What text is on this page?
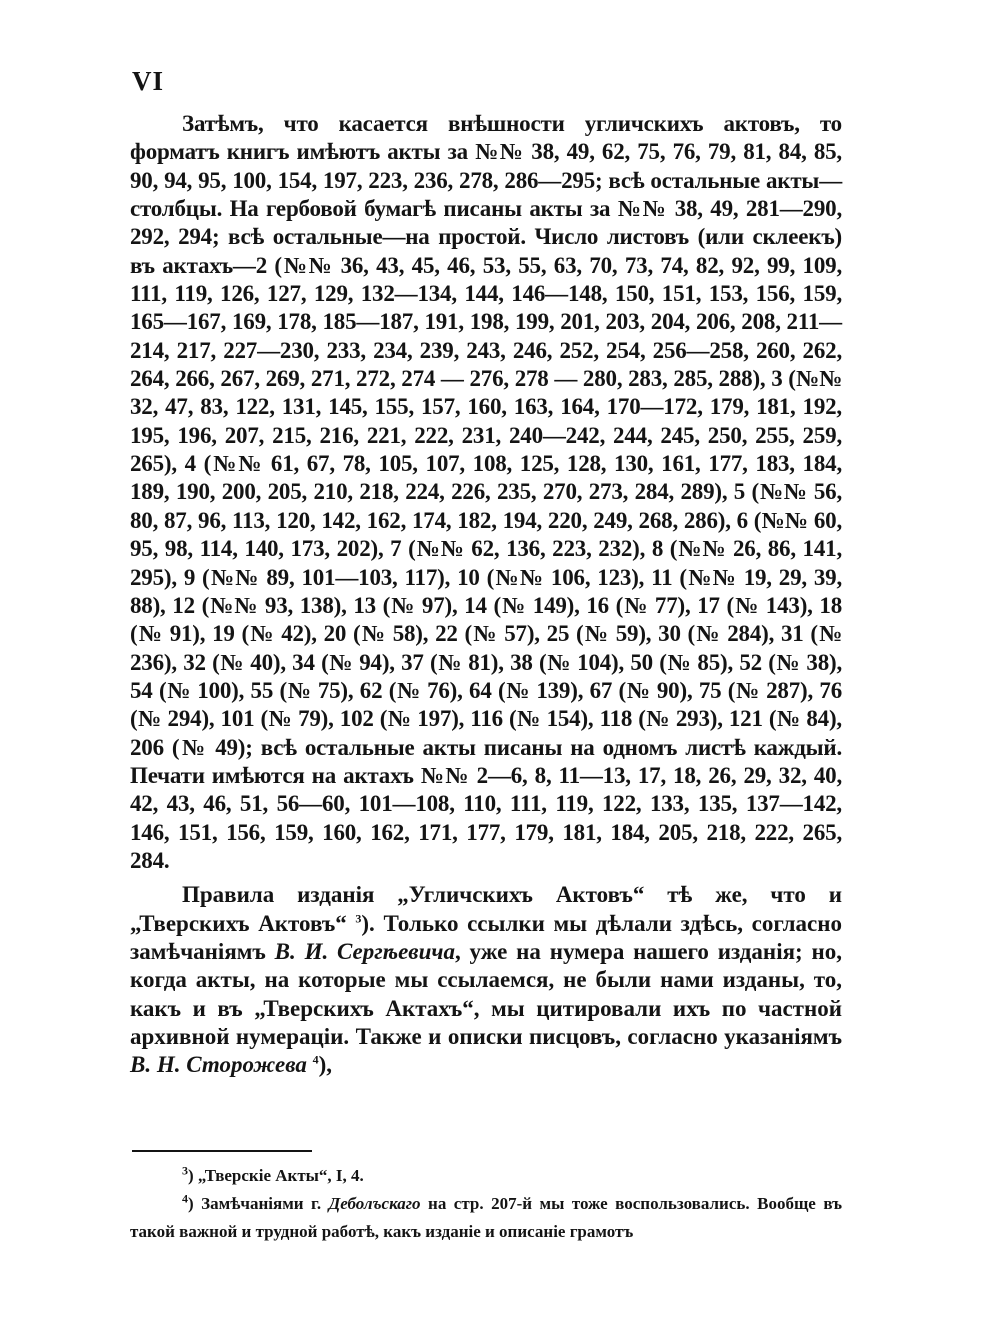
VI

Затѣмъ, что касается внѣшности угличскихъ актовъ, то форматъ книгъ имѣютъ акты за №№ 38, 49, 62, 75, 76, 79, 81, 84, 85, 90, 94, 95, 100, 154, 197, 223, 236, 278, 286—295; всѣ остальные акты—столбцы. На гербовой бумагѣ писаны акты за №№ 38, 49, 281—290, 292, 294; всѣ остальные—на простой. Число листовъ (или склеекъ) въ актахъ—2 (№№ 36, 43, 45, 46, 53, 55, 63, 70, 73, 74, 82, 92, 99, 109, 111, 119, 126, 127, 129, 132—134, 144, 146—148, 150, 151, 153, 156, 159, 165—167, 169, 178, 185—187, 191, 198, 199, 201, 203, 204, 206, 208, 211—214, 217, 227—230, 233, 234, 239, 243, 246, 252, 254, 256—258, 260, 262, 264, 266, 267, 269, 271, 272, 274 — 276, 278 — 280, 283, 285, 288), 3 (№№ 32, 47, 83, 122, 131, 145, 155, 157, 160, 163, 164, 170—172, 179, 181, 192, 195, 196, 207, 215, 216, 221, 222, 231, 240—242, 244, 245, 250, 255, 259, 265), 4 (№№ 61, 67, 78, 105, 107, 108, 125, 128, 130, 161, 177, 183, 184, 189, 190, 200, 205, 210, 218, 224, 226, 235, 270, 273, 284, 289), 5 (№№ 56, 80, 87, 96, 113, 120, 142, 162, 174, 182, 194, 220, 249, 268, 286), 6 (№№ 60, 95, 98, 114, 140, 173, 202), 7 (№№ 62, 136, 223, 232), 8 (№№ 26, 86, 141, 295), 9 (№№ 89, 101—103, 117), 10 (№№ 106, 123), 11 (№№ 19, 29, 39, 88), 12 (№№ 93, 138), 13 (№ 97), 14 (№ 149), 16 (№ 77), 17 (№ 143), 18 (№ 91), 19 (№ 42), 20 (№ 58), 22 (№ 57), 25 (№ 59), 30 (№ 284), 31 (№ 236), 32 (№ 40), 34 (№ 94), 37 (№ 81), 38 (№ 104), 50 (№ 85), 52 (№ 38), 54 (№ 100), 55 (№ 75), 62 (№ 76), 64 (№ 139), 67 (№ 90), 75 (№ 287), 76 (№ 294), 101 (№ 79), 102 (№ 197), 116 (№ 154), 118 (№ 293), 121 (№ 84), 206 (№ 49); всѣ остальные акты писаны на одномъ листѣ каждый. Печати имѣются на актахъ №№ 2—6, 8, 11—13, 17, 18, 26, 29, 32, 40, 42, 43, 46, 51, 56—60, 101—108, 110, 111, 119, 122, 133, 135, 137—142, 146, 151, 156, 159, 160, 162, 171, 177, 179, 181, 184, 205, 218, 222, 265, 284.

Правила изданія „Угличскихъ Актовъ“ тѣ же, что и „Тверскихъ Актовъ“ $^3$). Только ссылки мы дѣлали здѣсь, согласно замѣчаніямъ В. И. Сергѣевича, уже на нумера нашего изданія; но, когда акты, на которые мы ссылаемся, не были нами изданы, то, какъ и въ „Тверскихъ Актахъ“, мы цитировали ихъ по частной архивной нумераціи. Также и описки писцовъ, согласно указаніямъ В. Н. Сторожева $^4$),

$^3$) „Тверскіе Акты“, I, 4.

$^4$) Замѣчаніями г. Деболъскаго на стр. 207-й мы тоже воспользовались. Вообще въ такой важной и трудной работѣ, какъ изданіе и описаніе грамотъ
